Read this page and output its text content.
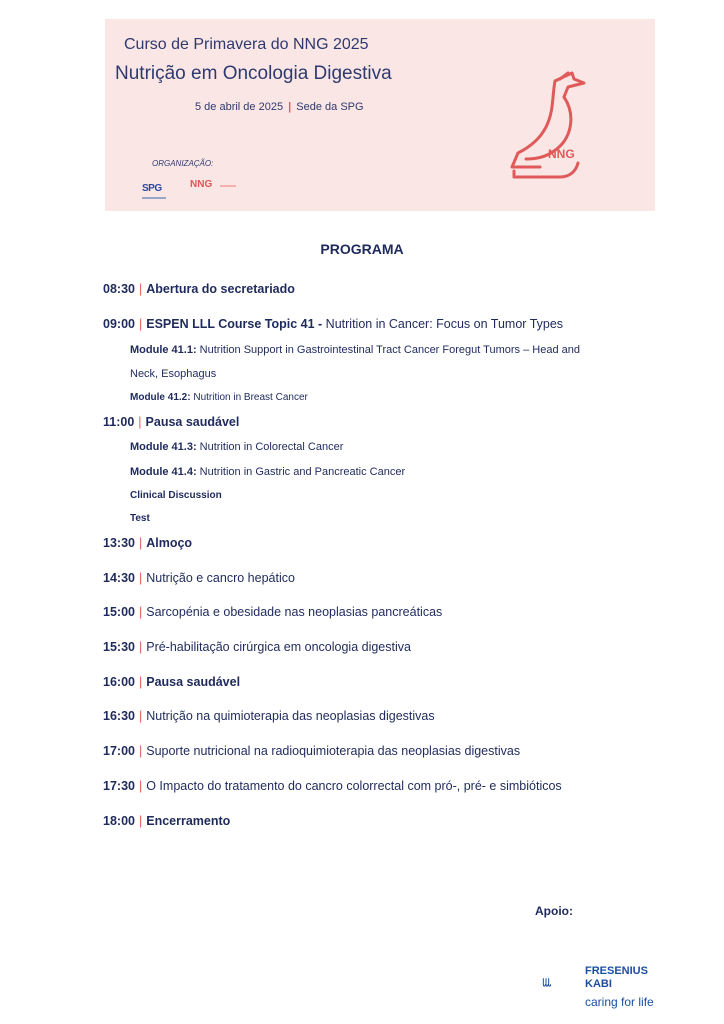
Curso de Primavera do NNG 2025
Nutrição em Oncologia Digestiva
5 de abril de 2025 | Sede da SPG
ORGANIZAÇÃO:
SPG	NNG
NNG
PROGRAMA
08:30 | Abertura do secretariado
09:00 | ESPEN LLL Course Topic 41 - Nutrition in Cancer: Focus on Tumor Types
Module 41.1: Nutrition Support in Gastrointestinal Tract Cancer Foregut Tumors – Head and
Neck, Esophagus
Module 41.2: Nutrition in Breast Cancer
11:00 | Pausa saudável
Module 41.3: Nutrition in Colorectal Cancer
Module 41.4: Nutrition in Gastric and Pancreatic Cancer
Clinical Discussion
Test
13:30 | Almoço
14:30 | Nutrição e cancro hepático
15:00 | Sarcopénia e obesidade nas neoplasias pancreáticas
15:30 | Pré-habilitação cirúrgica em oncologia digestiva
16:00 | Pausa saudável
16:30 | Nutrição na quimioterapia das neoplasias digestivas
17:00 | Suporte nutricional na radioquimioterapia das neoplasias digestivas
17:30 | O Impacto do tratamento do cancro colorrectal com pró-, pré- e simbióticos
18:00 | Encerramento
Apoio:
FRESENIUS
KABI
caring for life
